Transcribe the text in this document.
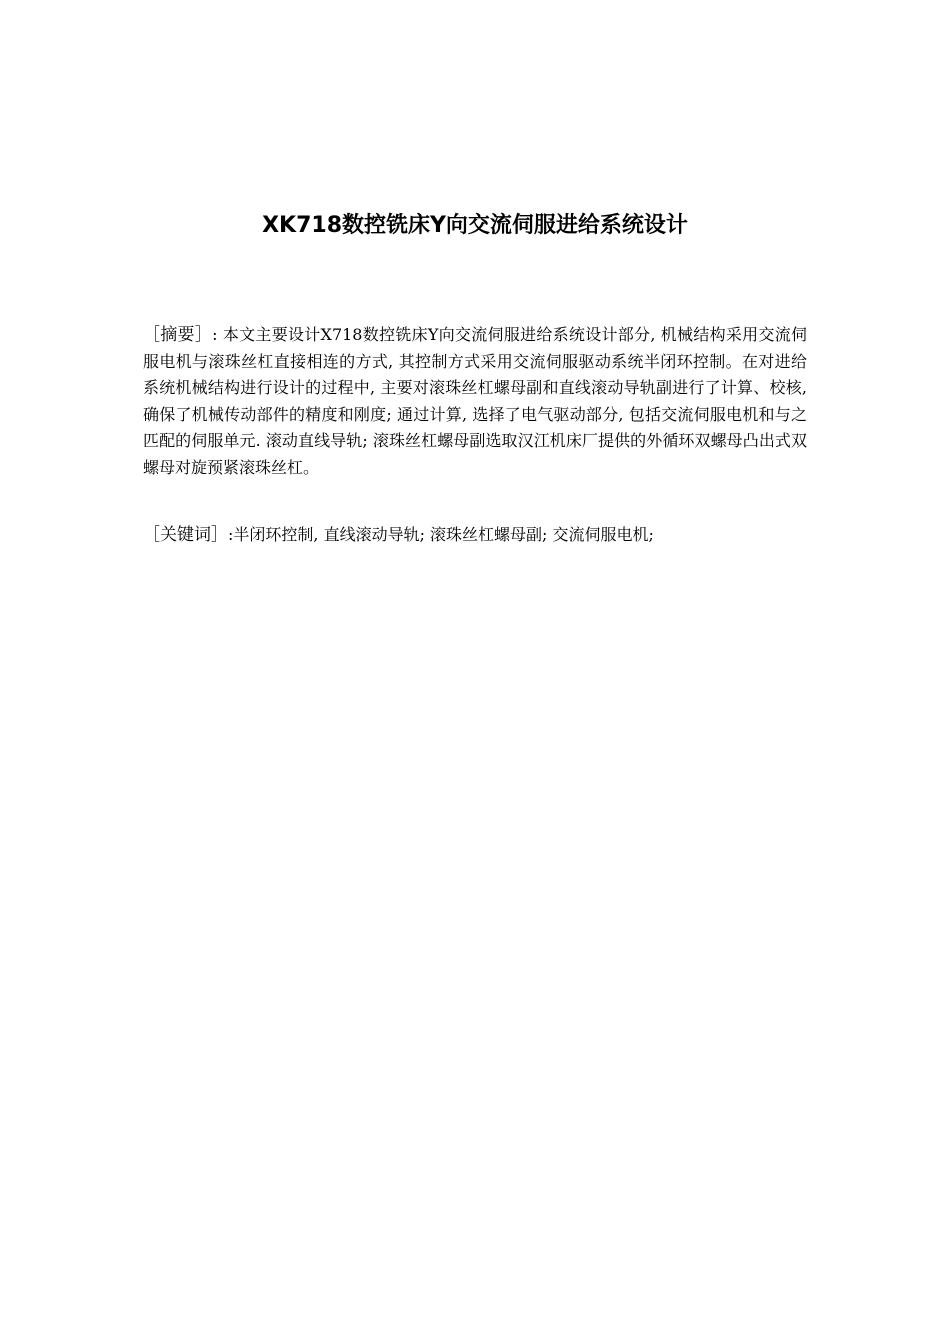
XK718数控铣床Y向交流伺服进给系统设计

［摘要］: 本文主要设计X718数控铣床Y向交流伺服进给系统设计部分, 机械结构采用交流伺服电机与滚珠丝杠直接相连的方式, 其控制方式采用交流伺服驱动系统半闭环控制。在对进给系统机械结构进行设计的过程中, 主要对滚珠丝杠螺母副和直线滚动导轨副进行了计算、校核, 确保了机械传动部件的精度和刚度; 通过计算, 选择了电气驱动部分, 包括交流伺服电机和与之匹配的伺服单元. 滚动直线导轨; 滚珠丝杠螺母副选取汉江机床厂提供的外循环双螺母凸出式双螺母对旋预紧滚珠丝杠。

［关键词］:半闭环控制, 直线滚动导轨; 滚珠丝杠螺母副; 交流伺服电机;
